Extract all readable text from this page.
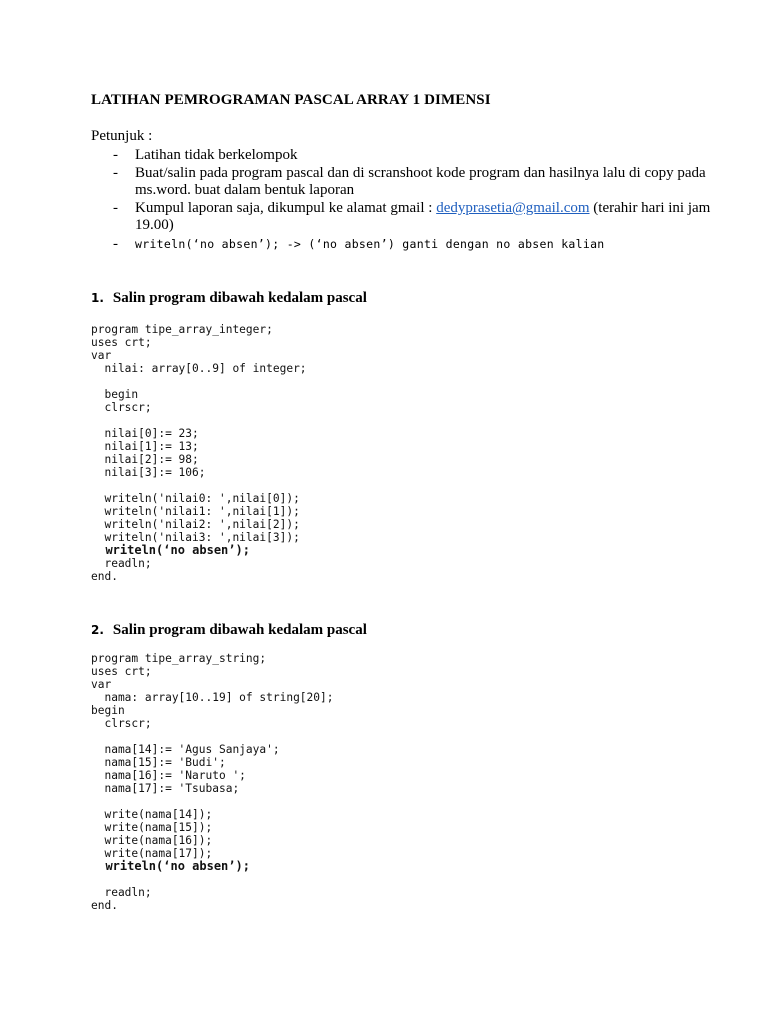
LATIHAN PEMROGRAMAN PASCAL ARRAY 1 DIMENSI
Petunjuk :
- Latihan tidak berkelompok
- Buat/salin pada program pascal dan di scranshoot kode program dan hasilnya lalu di copy pada ms.word. buat dalam bentuk laporan
- Kumpul laporan saja, dikumpul ke alamat gmail : dedyprasetia@gmail.com (terahir hari ini jam 19.00)
- writeln(‘no absen’); -> (‘no absen’) ganti dengan no absen kalian
1. Salin program dibawah kedalam pascal
program tipe_array_integer;
uses crt;
var
nilai: array[0..9] of integer;
begin
clrscr;
nilai[0]:= 23;
nilai[1]:= 13;
nilai[2]:= 98;
nilai[3]:= 106;
writeln('nilai0: ',nilai[0]);
writeln('nilai1: ',nilai[1]);
writeln('nilai2: ',nilai[2]);
writeln('nilai3: ',nilai[3]);
writeln(‘no absen’);
readln;
end.
2. Salin program dibawah kedalam pascal
program tipe_array_string;
uses crt;
var
nama: array[10..19] of string[20];
begin
clrscr;
nama[14]:= 'Agus Sanjaya';
nama[15]:= 'Budi';
nama[16]:= 'Naruto ';
nama[17]:= 'Tsubasa;
write(nama[14]);
write(nama[15]);
write(nama[16]);
write(nama[17]);
writeln(‘no absen’);
readln;
end.
